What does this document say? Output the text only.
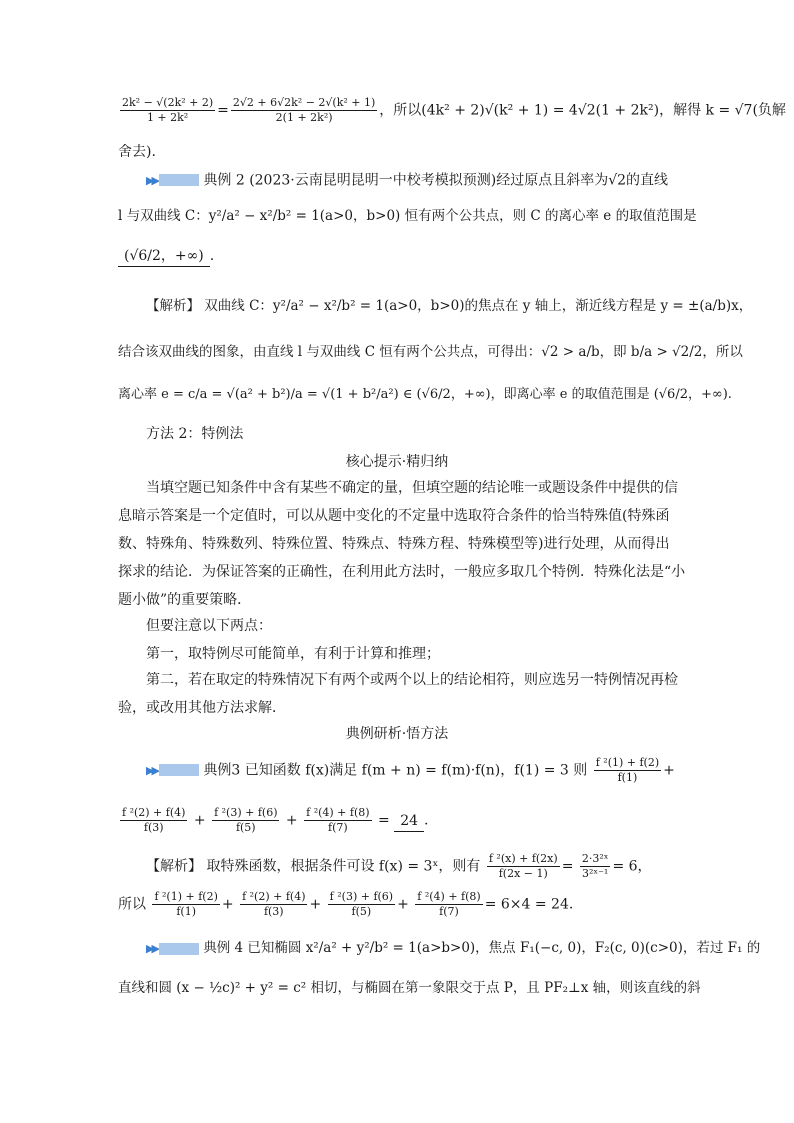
$\frac{\text{2k² − √(2k² + 2)}}{\text{1 + 2k²}} = \frac{\text{2√2 + 6√2k² − 2√(k² + 1)}}{\text{2(1 + 2k²)}}$ ，所以(4k² + 2)√(k² + 1) = 4√2(1 + 2k²)，解得 k = √7(负解
舍去).
▶▶	典例 2 (2023·云南昆明昆明一中校考模拟预测)经过原点且斜率为√2的直线
l 与双曲线 C：y²/a² − x²/b² = 1(a>0，b>0) 恒有两个公共点，则 C 的离心率 e 的取值范围是
(√6/2，+∞) .
【解析】 双曲线 C：y²/a² − x²/b² = 1(a>0，b>0)的焦点在 y 轴上，渐近线方程是 y = ±(a/b)x，
结合该双曲线的图象，由直线 l 与双曲线 C 恒有两个公共点，可得出：√2 > a/b，即 b/a > √2/2，所以
离心率 e = c/a = √(a² + b²)/a = √(1 + b²/a²) ∈ (√6/2，+∞)，即离心率 e 的取值范围是 (√6/2，+∞).
方法 2：特例法
核心提示·精归纳
当填空题已知条件中含有某些不确定的量，但填空题的结论唯一或题设条件中提供的信
息暗示答案是一个定值时，可以从题中变化的不定量中选取符合条件的恰当特殊值(特殊函
数、特殊角、特殊数列、特殊位置、特殊点、特殊方程、特殊模型等)进行处理，从而得出
探求的结论．为保证答案的正确性，在利用此方法时，一般应多取几个特例．特殊化法是“小
题小做”的重要策略．
但要注意以下两点：
第一，取特例尽可能简单，有利于计算和推理；
第二，若在取定的特殊情况下有两个或两个以上的结论相符，则应选另一特例情况再检
验，或改用其他方法求解．
典例研析·悟方法
▶▶	典例3 已知函数 f(x)满足 f(m + n) = f(m)·f(n)，f(1) = 3 则 $\frac{\text{f ²(1) + f(2)}}{f(1)}$ +
$\frac{\text{f ²(2) + f(4)}}{f(3)} + \frac{\text{f ²(3) + f(6)}}{f(5)} + \frac{\text{f ²(4) + f(8)}}{f(7)} = 24$ .
【解析】 取特殊函数，根据条件可设 f(x) = 3ˣ，则有 $\frac{\text{f ²(x) + f(2x)}}{f(2x - 1)} = \frac{\text{2·3²ˣ}}{\text{3²ˣ⁻¹}} = 6$，
所以 $\frac{\text{f ²(1) + f(2)}}{f(1)} + \frac{\text{f ²(2) + f(4)}}{f(3)} + \frac{\text{f ²(3) + f(6)}}{f(5)} + \frac{\text{f ²(4) + f(8)}}{f(7)} = 6\times 4 = 24$.
▶▶	典例 4 已知椭圆 x²/a² + y²/b² = 1(a>b>0)，焦点 F₁(−c, 0)，F₂(c, 0)(c>0)，若过 F₁ 的
直线和圆 (x − ½c)² + y² = c² 相切，与椭圆在第一象限交于点 P，且 PF₂⊥x 轴，则该直线的斜
